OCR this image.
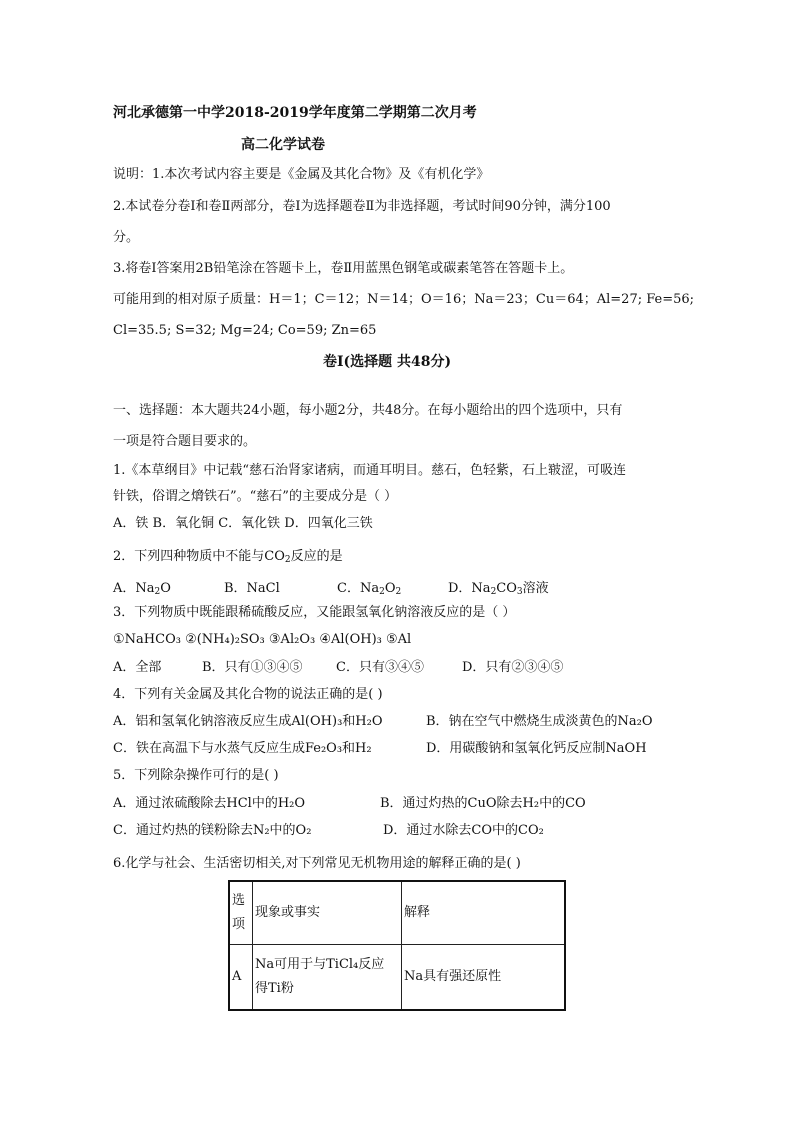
河北承德第一中学2018-2019学年度第二学期第二次月考
高二化学试卷
说明：1.本次考试内容主要是《金属及其化合物》及《有机化学》
2.本试卷分卷Ⅰ和卷Ⅱ两部分，卷Ⅰ为选择题卷Ⅱ为非选择题，考试时间90分钟，满分100
分。
3.将卷Ⅰ答案用2B铅笔涂在答题卡上，卷Ⅱ用蓝黑色钢笔或碳素笔答在答题卡上。
可能用到的相对原子质量：H＝1；C＝12；N＝14；O＝16；Na＝23；Cu＝64；Al=27; Fe=56;
Cl=35.5; S=32; Mg=24; Co=59; Zn=65
卷Ⅰ(选择题 共48分)
一、选择题：本大题共24小题，每小题2分，共48分。在每小题给出的四个选项中，只有
一项是符合题目要求的。
1.《本草纲目》中记载“慈石治肾家诸病，而通耳明目。慈石，色轻紫，石上皲涩，可吸连
针铁，俗谓之熁铁石”。“慈石”的主要成分是（ ）
A．铁 B．氧化铜 C．氧化铁 D．四氧化三铁
2．下列四种物质中不能与$CO_2$反应的是
A．$Na_2O$	B．NaCl	C．$Na_2O_2$	D．$Na_2CO_3$溶液
3．下列物质中既能跟稀硫酸反应，又能跟氢氧化钠溶液反应的是（ ）
①NaHCO₃ ②(NH₄)₂SO₃ ③Al₂O₃ ④Al(OH)₃ ⑤Al
A．全部	B．只有①③④⑤	C．只有③④⑤	D．只有②③④⑤
4．下列有关金属及其化合物的说法正确的是( )
A．铝和氢氧化钠溶液反应生成Al(OH)₃和H₂O	B．钠在空气中燃烧生成淡黄色的Na₂O
C．铁在高温下与水蒸气反应生成Fe₂O₃和H₂	D．用碳酸钠和氢氧化钙反应制NaOH
5．下列除杂操作可行的是( )
A．通过浓硫酸除去HCl中的H₂O	B．通过灼热的CuO除去H₂中的CO
C．通过灼热的镁粉除去N₂中的O₂	D．通过水除去CO中的CO₂
6.化学与社会、生活密切相关,对下列常见无机物用途的解释正确的是( )
选
项	现象或事实	解释
A	Na可用于与TiCl₄反应
得Ti粉	Na具有强还原性
